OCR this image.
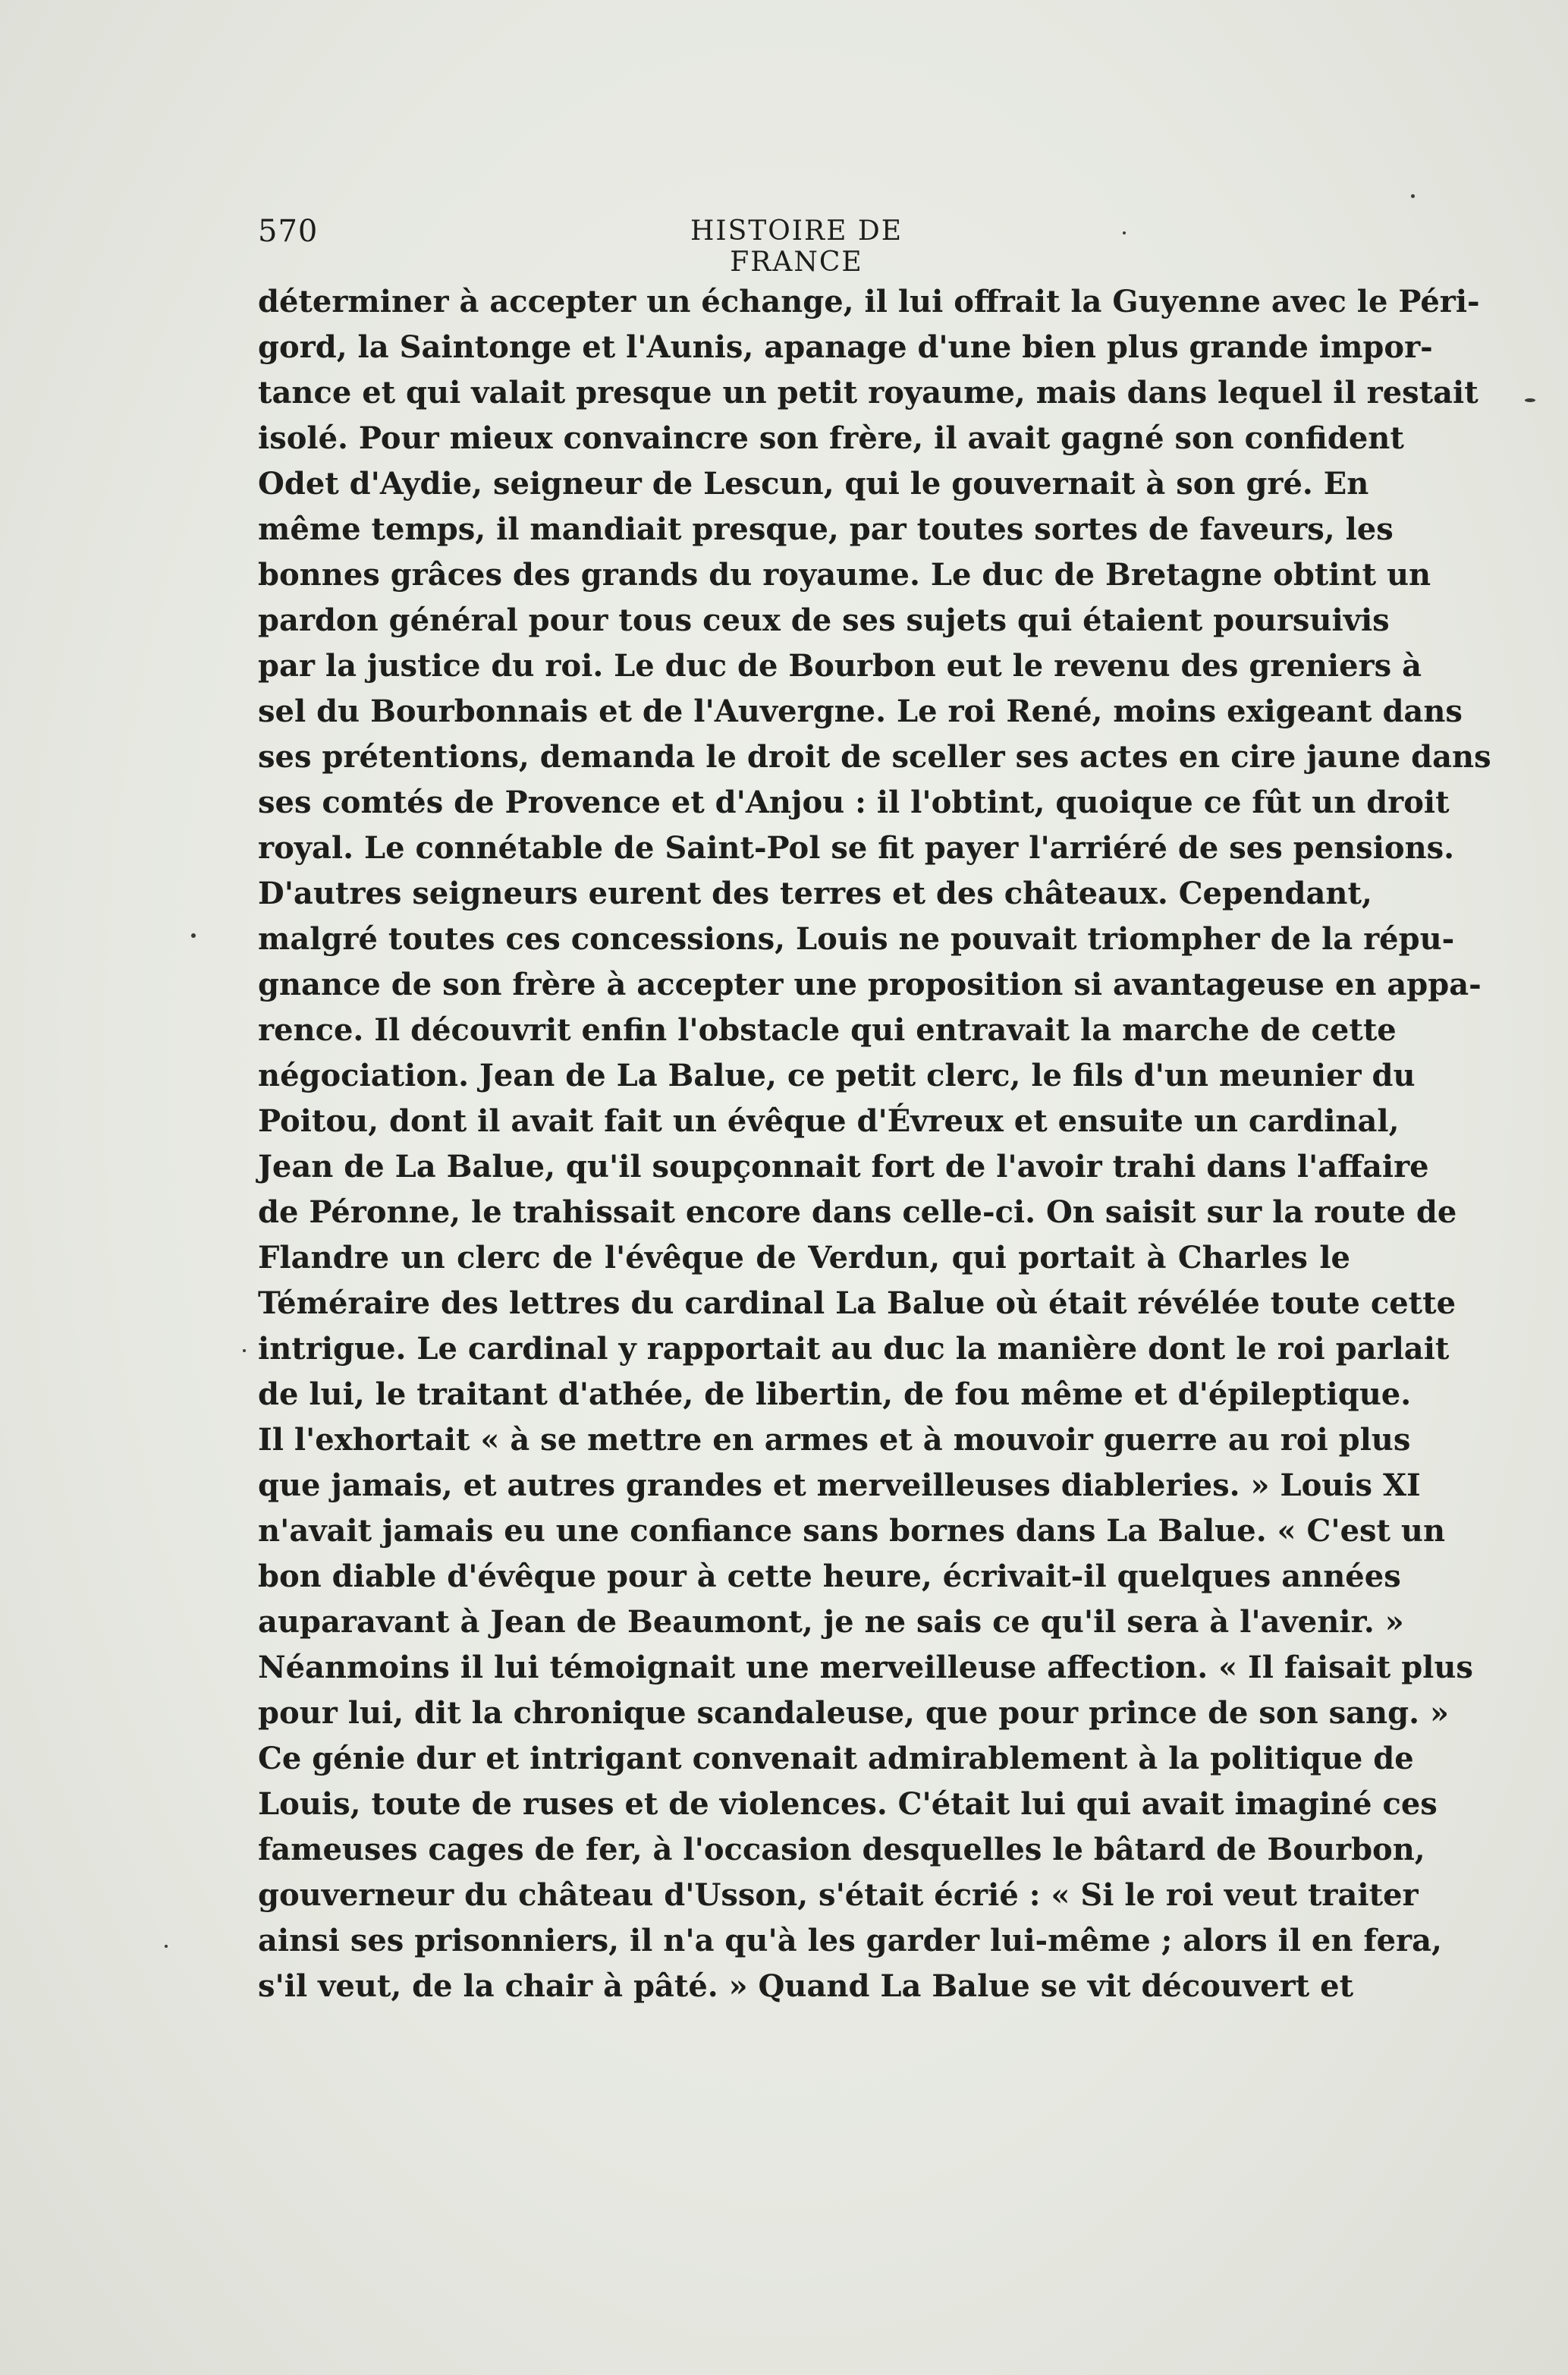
570	HISTOIRE DE FRANCE
déterminer à accepter un échange, il lui offrait la Guyenne avec le Péri-
gord, la Saintonge et l'Aunis, apanage d'une bien plus grande impor-
tance et qui valait presque un petit royaume, mais dans lequel il restait
isolé. Pour mieux convaincre son frère, il avait gagné son confident
Odet d'Aydie, seigneur de Lescun, qui le gouvernait à son gré. En
même temps, il mandiait presque, par toutes sortes de faveurs, les
bonnes grâces des grands du royaume. Le duc de Bretagne obtint un
pardon général pour tous ceux de ses sujets qui étaient poursuivis
par la justice du roi. Le duc de Bourbon eut le revenu des greniers à
sel du Bourbonnais et de l'Auvergne. Le roi René, moins exigeant dans
ses prétentions, demanda le droit de sceller ses actes en cire jaune dans
ses comtés de Provence et d'Anjou : il l'obtint, quoique ce fût un droit
royal. Le connétable de Saint-Pol se fit payer l'arriéré de ses pensions.
D'autres seigneurs eurent des terres et des châteaux. Cependant,
malgré toutes ces concessions, Louis ne pouvait triompher de la répu-
gnance de son frère à accepter une proposition si avantageuse en appa-
rence. Il découvrit enfin l'obstacle qui entravait la marche de cette
négociation. Jean de La Balue, ce petit clerc, le fils d'un meunier du
Poitou, dont il avait fait un évêque d'Évreux et ensuite un cardinal,
Jean de La Balue, qu'il soupçonnait fort de l'avoir trahi dans l'affaire
de Péronne, le trahissait encore dans celle-ci. On saisit sur la route de
Flandre un clerc de l'évêque de Verdun, qui portait à Charles le
Téméraire des lettres du cardinal La Balue où était révélée toute cette
intrigue. Le cardinal y rapportait au duc la manière dont le roi parlait
de lui, le traitant d'athée, de libertin, de fou même et d'épileptique.
Il l'exhortait « à se mettre en armes et à mouvoir guerre au roi plus
que jamais, et autres grandes et merveilleuses diableries. » Louis XI
n'avait jamais eu une confiance sans bornes dans La Balue. « C'est un
bon diable d'évêque pour à cette heure, écrivait-il quelques années
auparavant à Jean de Beaumont, je ne sais ce qu'il sera à l'avenir. »
Néanmoins il lui témoignait une merveilleuse affection. « Il faisait plus
pour lui, dit la chronique scandaleuse, que pour prince de son sang. »
Ce génie dur et intrigant convenait admirablement à la politique de
Louis, toute de ruses et de violences. C'était lui qui avait imaginé ces
fameuses cages de fer, à l'occasion desquelles le bâtard de Bourbon,
gouverneur du château d'Usson, s'était écrié : « Si le roi veut traiter
ainsi ses prisonniers, il n'a qu'à les garder lui-même ; alors il en fera,
s'il veut, de la chair à pâté. » Quand La Balue se vit découvert et
